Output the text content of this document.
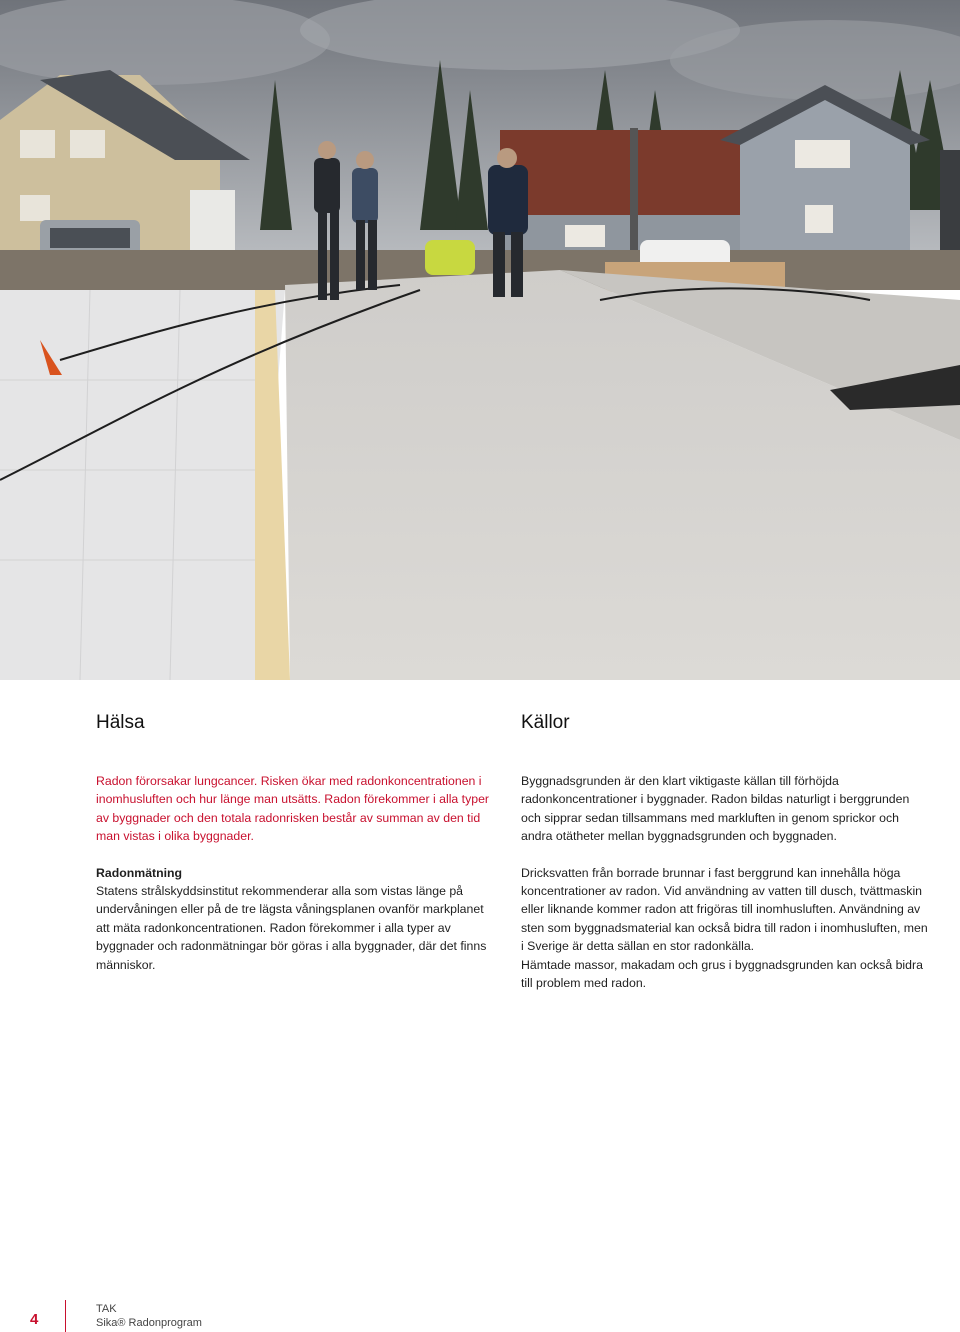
Hälsa	Källor

Radon förorsakar lungcancer. Risken ökar med radonkoncentrationen i inomhusluften och hur länge man utsätts. Radon förekommer i alla typer av byggnader och den totala radonrisken består av summan av den tid man vistas i olika byggnader.

Radonmätning

Statens strålskyddsinstitut rekommenderar alla som vistas länge på undervåningen eller på de tre lägsta våningsplanen ovanför markplanet att mäta radonkoncentrationen. Radon förekommer i alla typer av byggnader och radonmätningar bör göras i alla byggnader, där det finns människor.

Byggnadsgrunden är den klart viktigaste källan till förhöjda radonkoncentrationer i byggnader. Radon bildas naturligt i berggrunden och sipprar sedan tillsammans med markluften in genom sprickor och andra otätheter mellan byggnadsgrunden och byggnaden.

Dricksvatten från borrade brunnar i fast berggrund kan innehålla höga koncentrationer av radon. Vid användning av vatten till dusch, tvättmaskin eller liknande kommer radon att frigöras till inomhusluften. Användning av sten som byggnadsmaterial kan också bidra till radon i inomhusluften, men i Sverige är detta sällan en stor radonkälla.

Hämtade massor, makadam och grus i byggnadsgrunden kan också bidra till problem med radon.

4
TAK
Sika® Radonprogram
